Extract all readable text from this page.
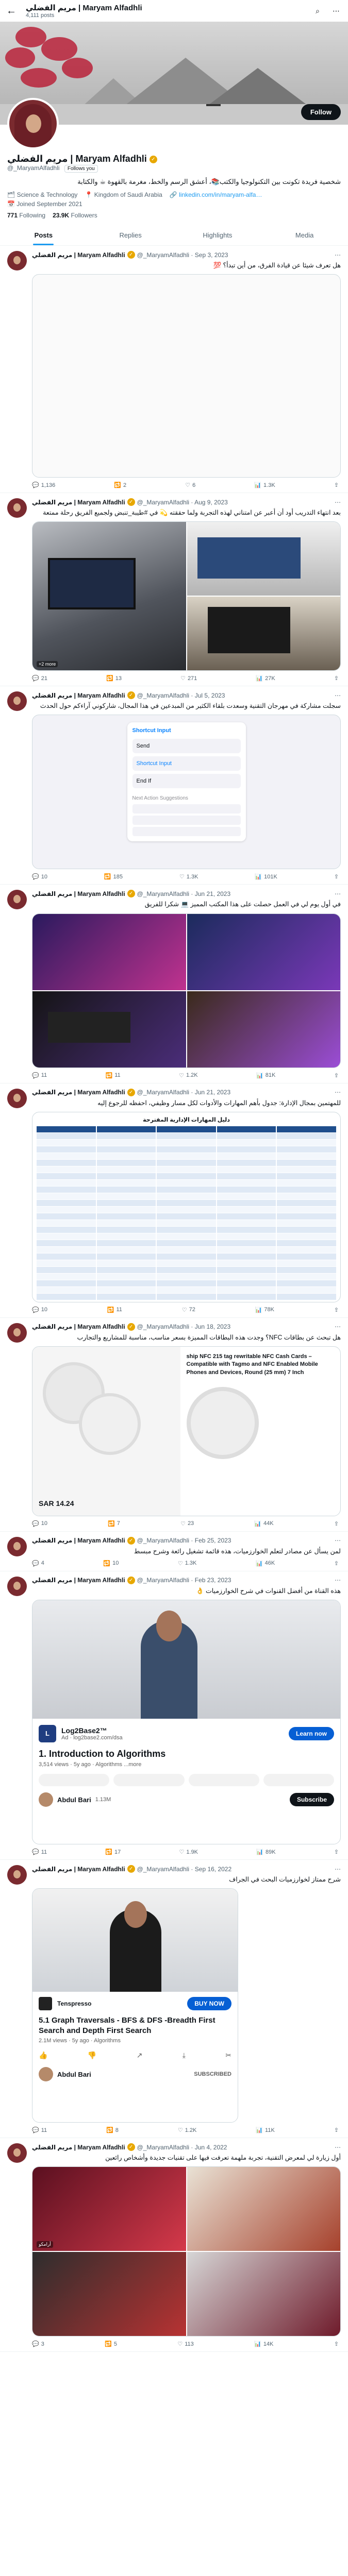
← مريم الفضلي | Maryam Alfadhli
4,111 posts
⌕	⋯
Follow
مريم الفضلي | Maryam Alfadhli ✓
@_MaryamAlfadhli Follows you
شخصية فريدة تكونت بين التكنولوجيا والكتب📚، أعشق الرسم والخط، مغرمة بالقهوة ☕ والكتابة
🗂 Science & Technology 📍 Kingdom of Saudi Arabia 🔗 linkedin.com/in/maryam-alfa…
📅 Joined September 2021
771 Following 23.9K Followers
Posts	Replies	Highlights	Media
مريم الفضلي | Maryam Alfadhli ✓ @_MaryamAlfadhli · Sep 3, 2023	⋯
هل تعرف شيئا عن قيادة الفرق، من أين تبدأ؟ 💯
💬 1,136	🔁 2	♡ 6	📊 1.3K	⇪
مريم الفضلي | Maryam Alfadhli ✓ @_MaryamAlfadhli · Aug 9, 2023	⋯
بعد انتهاء التدريب أود أن أعبر عن امتناني لهذه التجربة ولما حققته 💫 في #طيبة_تنبض ولجميع الفريق رحلة ممتعة
+2 more
💬 21	🔁 13	♡ 271	📊 27K	⇪
مريم الفضلي | Maryam Alfadhli ✓ @_MaryamAlfadhli · Jul 5, 2023	⋯
سجلت مشاركة في مهرجان التقنية وسعدت بلقاء الكثير من المبدعين في هذا المجال، شاركوني آراءكم حول الحدث
Shortcut Input
Send
Shortcut Input
End If
Next Action Suggestions
💬 10	🔁 185	♡ 1.3K	📊 101K	⇪
مريم الفضلي | Maryam Alfadhli ✓ @_MaryamAlfadhli · Jun 21, 2023	⋯
في أول يوم لي في العمل حصلت على هذا المكتب المميز 💻 شكرا للفريق
💬 11	🔁 11	♡ 1.2K	📊 81K	⇪
مريم الفضلي | Maryam Alfadhli ✓ @_MaryamAlfadhli · Jun 21, 2023	⋯
للمهتمين بمجال الإدارة: جدول بأهم المهارات والأدوات لكل مسار وظيفي، احفظه للرجوع إليه
دليل المهارات الإدارية المقترحة
💬 10	🔁 11	♡ 72	📊 78K	⇪
مريم الفضلي | Maryam Alfadhli ✓ @_MaryamAlfadhli · Jun 18, 2023	⋯
هل تبحث عن بطاقات NFC؟ وجدت هذه البطاقات المميزة بسعر مناسب، مناسبة للمشاريع والتجارب
SAR 14.24
ship NFC 215 tag rewritable NFC Cash Cards – Compatible with Tagmo and NFC Enabled Mobile Phones and Devices, Round (25 mm) 7 Inch
💬 10	🔁 7	♡ 23	📊 44K	⇪
مريم الفضلي | Maryam Alfadhli ✓ @_MaryamAlfadhli · Feb 25, 2023	⋯
لمن يسأل عن مصادر لتعلم الخوارزميات، هذه قائمة تشغيل رائعة وشرح مبسط
💬 4	🔁 10	♡ 1.3K	📊 46K	⇪
مريم الفضلي | Maryam Alfadhli ✓ @_MaryamAlfadhli · Feb 23, 2023	⋯
هذه القناة من أفضل القنوات في شرح الخوارزميات 👌
L	Log2Base2™
Ad · log2base2.com/dsa
Learn now
1. Introduction to Algorithms
3,514 views · 5y ago · Algorithms ...more
Abdul Bari 1.13M	Subscribe
💬 11	🔁 17	♡ 1.9K	📊 89K	⇪
مريم الفضلي | Maryam Alfadhli ✓ @_MaryamAlfadhli · Sep 16, 2022	⋯
شرح ممتاز لخوارزميات البحث في الجراف
Tenspresso	BUY NOW
5.1 Graph Traversals - BFS & DFS -Breadth First Search and Depth First Search
2.1M views · 5y ago · Algorithms
👍	👎	↗	⤓	✂
Abdul Bari	SUBSCRIBED
💬 11	🔁 8	♡ 1.2K	📊 11K	⇪
مريم الفضلي | Maryam Alfadhli ✓ @_MaryamAlfadhli · Jun 4, 2022	⋯
أول زيارة لي لمعرض التقنية، تجربة ملهمة تعرفت فيها على تقنيات جديدة وأشخاص رائعين
أرامكو
💬 3	🔁 5	♡ 113	📊 14K	⇪
